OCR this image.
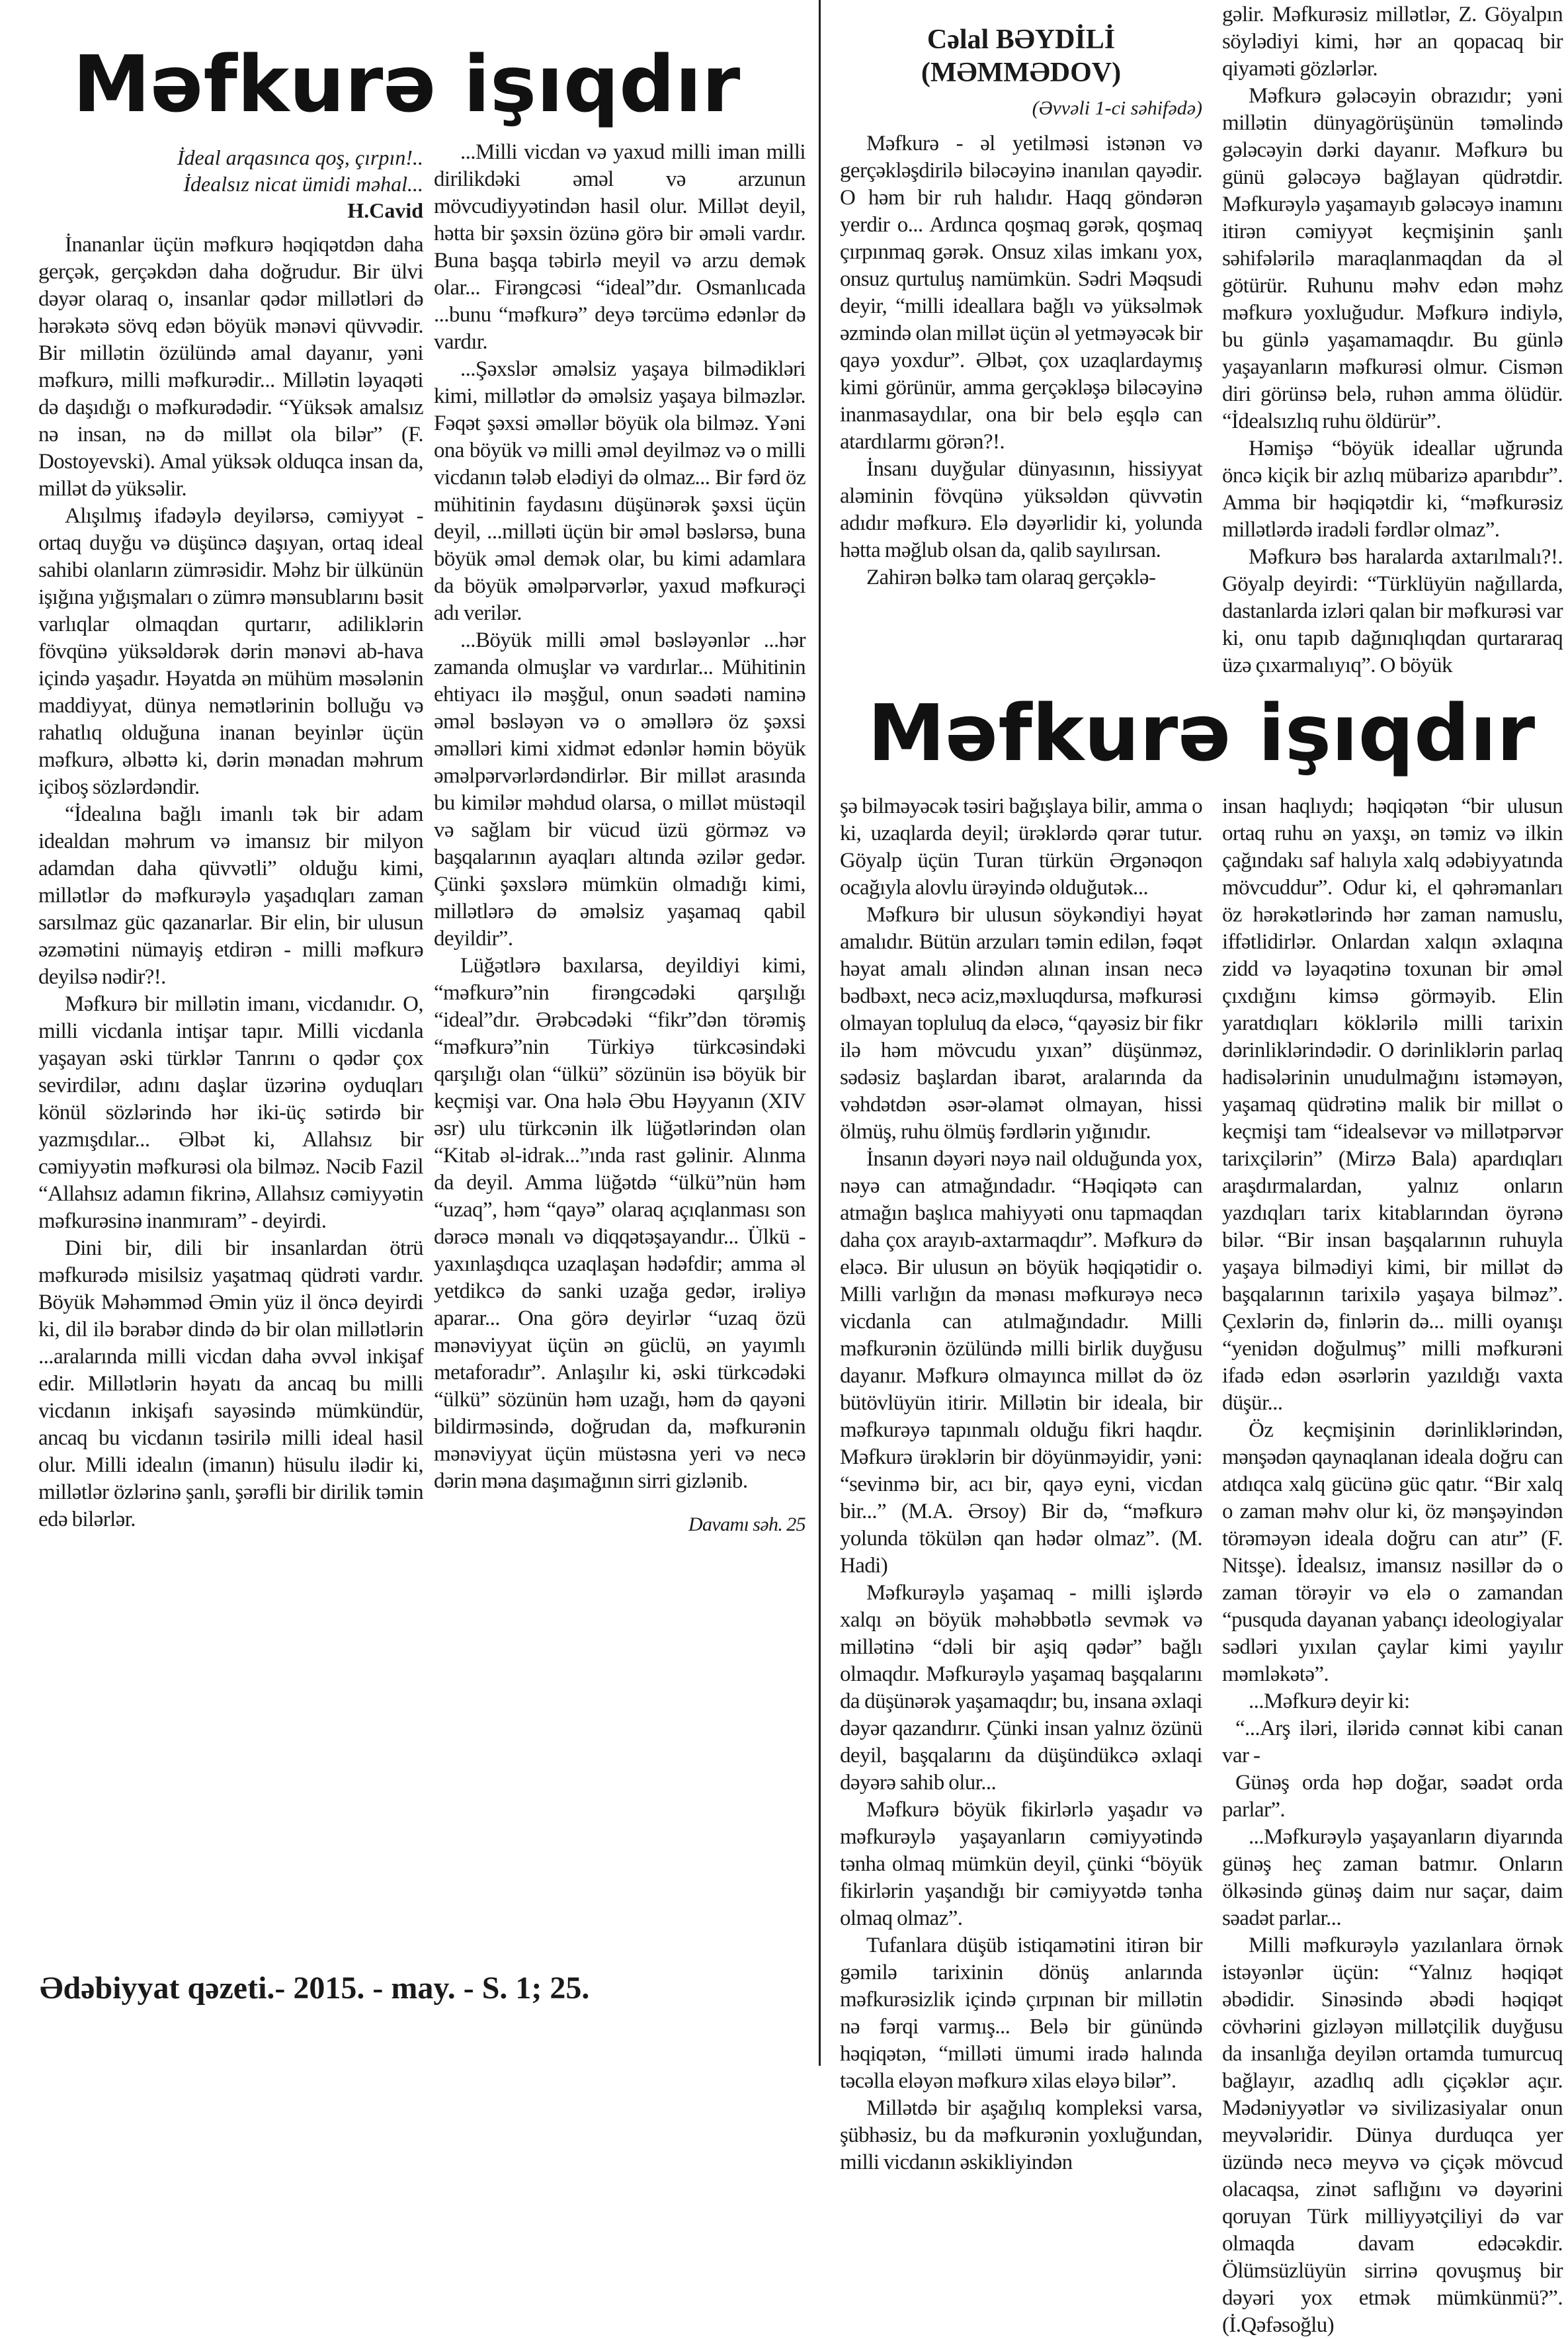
Məfkurə işıqdır
İdeal arqasınca qoş, çırpın!..
İdealsız nicat ümidi məhal...
H.Cavid

İnananlar üçün məfkurə həqiqətdən daha gerçək, gerçəkdən daha doğrudur. Bir ülvi dəyər olaraq o, insanlar qədər millətləri də hərəkətə sövq edən böyük mənəvi qüvvədir. Bir millətin özülündə amal dayanır, yəni məfkurə, milli məfkurədir... Millətin ləyaqəti də daşıdığı o məfkurədədir. “Yüksək amalsız nə insan, nə də millət ola bilər” (F. Dostoyevski). Amal yüksək olduqca insan da, millət də yüksəlir.

Alışılmış ifadəylə deyilərsə, cəmiyyət - ortaq duyğu və düşüncə daşıyan, ortaq ideal sahibi olanların zümrəsidir. Məhz bir ülkünün işığına yığışmaları o zümrə mənsublarını bəsit varlıqlar olmaqdan qurtarır, adiliklərin fövqünə yüksəldərək dərin mənəvi ab-hava içində yaşadır. Həyatda ən mühüm məsələnin maddiyyat, dünya nemətlərinin bolluğu və rahatlıq olduğuna inanan beyinlər üçün məfkurə, əlbəttə ki, dərin mənadan məhrum içiboş sözlərdəndir.

“İdealına bağlı imanlı tək bir adam idealdan məhrum və imansız bir milyon adamdan daha qüvvətli” olduğu kimi, millətlər də məfkurəylə yaşadıqları zaman sarsılmaz güc qazanarlar. Bir elin, bir ulusun əzəmətini nümayiş etdirən - milli məfkurə deyilsə nədir?!.

Məfkurə bir millətin imanı, vicdanıdır. O, milli vicdanla intişar tapır. Milli vicdanla yaşayan əski türklər Tanrını o qədər çox sevirdilər, adını daşlar üzərinə oyduqları könül sözlərində hər iki-üç sətirdə bir yazmışdılar... Əlbət ki, Allahsız bir cəmiyyətin məfkurəsi ola bilməz. Nəcib Fazil “Allahsız adamın fikrinə, Allahsız cəmiyyətin məfkurəsinə inanmıram” - deyirdi.

Dini bir, dili bir insanlardan ötrü məfkurədə misilsiz yaşatmaq qüdrəti vardır. Böyük Məhəmməd Əmin yüz il öncə deyirdi ki, dil ilə bərabər dində də bir olan millətlərin ...aralarında milli vicdan daha əvvəl inkişaf edir. Millətlərin həyatı da ancaq bu milli vicdanın inkişafı sayəsində mümkündür, ancaq bu vicdanın təsirilə milli ideal hasil olur. Milli idealın (imanın) hüsulu ilədir ki, millətlər özlərinə şanlı, şərəfli bir dirilik təmin edə bilərlər.

...Milli vicdan və yaxud milli iman milli dirilikdəki əməl və arzunun mövcudiyyətindən hasil olur. Millət deyil, hətta bir şəxsin özünə görə bir əməli vardır. Buna başqa təbirlə meyil və arzu demək olar... Firəngcəsi “ideal”dır. Osmanlıcada ...bunu “məfkurə” deyə tərcümə edənlər də vardır.

...Şəxslər əməlsiz yaşaya bilmədikləri kimi, millətlər də əməlsiz yaşaya bilməzlər. Fəqət şəxsi əməllər böyük ola bilməz. Yəni ona böyük və milli əməl deyilməz və o milli vicdanın tələb elədiyi də olmaz... Bir fərd öz mühitinin faydasını düşünərək şəxsi üçün deyil, ...milləti üçün bir əməl bəslərsə, buna böyük əməl demək olar, bu kimi adamlara da böyük əməlpərvərlər, yaxud məfkurəçi adı verilər.

...Böyük milli əməl bəsləyənlər ...hər zamanda olmuşlar və vardırlar... Mühitinin ehtiyacı ilə məşğul, onun səadəti naminə əməl bəsləyən və o əməllərə öz şəxsi əməlləri kimi xidmət edənlər həmin böyük əməlpərvərlərdəndirlər. Bir millət arasında bu kimilər məhdud olarsa, o millət müstəqil və sağlam bir vücud üzü görməz və başqalarının ayaqları altında əzilər gedər. Çünki şəxslərə mümkün olmadığı kimi, millətlərə də əməlsiz yaşamaq qabil deyildir”.

Lüğətlərə baxılarsa, deyildiyi kimi, “məfkurə”nin firəngcədəki qarşılığı “ideal”dır. Ərəbcədəki “fikr”dən törəmiş “məfkurə”nin Türkiyə türkcəsindəki qarşılığı olan “ülkü” sözünün isə böyük bir keçmişi var. Ona hələ Əbu Həyyanın (XIV əsr) ulu türkcənin ilk lüğətlərindən olan “Kitab əl-idrak...”ında rast gəlinir. Alınma da deyil. Amma lüğətdə “ülkü”nün həm “uzaq”, həm “qayə” olaraq açıqlanması son dərəcə mənalı və diqqətəşayandır... Ülkü - yaxınlaşdıqca uzaqlaşan hədəfdir; amma əl yetdikcə də sanki uzağa gedər, irəliyə aparar... Ona görə deyirlər “uzaq özü mənəviyyat üçün ən güclü, ən yayımlı metaforadır”. Anlaşılır ki, əski türkcədəki “ülkü” sözünün həm uzağı, həm də qayəni bildirməsində, doğrudan da, məfkurənin mənəviyyat üçün müstəsna yeri və necə dərin məna daşımağının sirri gizlənib.

Davamı səh. 25
Ədəbiyyat qəzeti.- 2015. - may. - S. 1; 25.
Cəlal BƏYDİLİ
(MƏMMƏDOV)
(Əvvəli 1-ci səhifədə)

Məfkurə - əl yetilməsi istənən və gerçəkləşdirilə biləcəyinə inanılan qayədir. O həm bir ruh halıdır. Haqq göndərən yerdir o... Ardınca qoşmaq gərək, qoşmaq çırpınmaq gərək. Onsuz xilas imkanı yox, onsuz qurtuluş namümkün. Sədri Məqsudi deyir, “milli ideallara bağlı və yüksəlmək əzmində olan millət üçün əl yetməyəcək bir qayə yoxdur”. Əlbət, çox uzaqlardaymış kimi görünür, amma gerçəkləşə biləcəyinə inanmasaydılar, ona bir belə eşqlə can atardılarmı görən?!.

İnsanı duyğular dünyasının, hissiyyat aləminin fövqünə yüksəldən qüvvətin adıdır məfkurə. Elə dəyərlidir ki, yolunda hətta məğlub olsan da, qalib sayılırsan.

Zahirən bəlkə tam olaraq gerçəklə-

gəlir. Məfkurəsiz millətlər, Z. Göyalpın söylədiyi kimi, hər an qopacaq bir qiyaməti gözlərlər.

Məfkurə gələcəyin obrazıdır; yəni millətin dünyagörüşünün təməlində gələcəyin dərki dayanır. Məfkurə bu günü gələcəyə bağlayan qüdrətdir. Məfkurəylə yaşamayıb gələcəyə inamını itirən cəmiyyət keçmişinin şanlı səhifələrilə maraqlanmaqdan da əl götürür. Ruhunu məhv edən məhz məfkurə yoxluğudur. Məfkurə indiylə, bu günlə yaşamamaqdır. Bu günlə yaşayanların məfkurəsi olmur. Cismən diri görünsə belə, ruhən amma ölüdür. “İdealsızlıq ruhu öldürür”.

Həmişə “böyük ideallar uğrunda öncə kiçik bir azlıq mübarizə aparıbdır”. Amma bir həqiqətdir ki, “məfkurəsiz millətlərdə iradəli fərdlər olmaz”.

Məfkurə bəs haralarda axtarılmalı?!. Göyalp deyirdi: “Türklüyün nağıllarda, dastanlarda izləri qalan bir məfkurəsi var ki, onu tapıb dağınıqlıqdan qurtararaq üzə çıxarmalıyıq”. O böyük

Məfkurə işıqdır

şə bilməyəcək təsiri bağışlaya bilir, amma o ki, uzaqlarda deyil; ürəklərdə qərar tutur. Göyalp üçün Turan türkün Ərgənəqon ocağıyla alovlu ürəyində olduğutək...

Məfkurə bir ulusun söykəndiyi həyat amalıdır. Bütün arzuları təmin edilən, fəqət həyat amalı əlindən alınan insan necə bədbəxt, necə aciz,məxluqdursa, məfkurəsi olmayan topluluq da eləcə, “qayəsiz bir fikr ilə həm mövcudu yıxan” düşünməz, sədəsiz başlardan ibarət, aralarında da vəhdətdən əsər-əlamət olmayan, hissi ölmüş, ruhu ölmüş fərdlərin yığınıdır.

İnsanın dəyəri nəyə nail olduğunda yox, nəyə can atmağındadır. “Həqiqətə can atmağın başlıca mahiyyəti onu tapmaqdan daha çox arayıb-axtarmaqdır”. Məfkurə də eləcə. Bir ulusun ən böyük həqiqətidir o. Milli varlığın da mənası məfkurəyə necə vicdanla can atılmağındadır. Milli məfkurənin özülündə milli birlik duyğusu dayanır. Məfkurə olmayınca millət də öz bütövlüyün itirir. Millətin bir ideala, bir məfkurəyə tapınmalı olduğu fikri haqdır. Məfkurə ürəklərin bir döyünməyidir, yəni: “sevinmə bir, acı bir, qayə eyni, vicdan bir...” (M.A. Ərsoy) Bir də, “məfkurə yolunda tökülən qan hədər olmaz”. (M. Hadi)

Məfkurəylə yaşamaq - milli işlərdə xalqı ən böyük məhəbbətlə sevmək və millətinə “dəli bir aşiq qədər” bağlı olmaqdır. Məfkurəylə yaşamaq başqalarını da düşünərək yaşamaqdır; bu, insana əxlaqi dəyər qazandırır. Çünki insan yalnız özünü deyil, başqalarını da düşündükcə əxlaqi dəyərə sahib olur...

Məfkurə böyük fikirlərlə yaşadır və məfkurəylə yaşayanların cəmiyyətində tənha olmaq mümkün deyil, çünki “böyük fikirlərin yaşandığı bir cəmiyyətdə tənha olmaq olmaz”.

Tufanlara düşüb istiqamətini itirən bir gəmilə tarixinin dönüş anlarında məfkurəsizlik içində çırpınan bir millətin nə fərqi varmış... Belə bir günündə həqiqətən, “milləti ümumi iradə halında təcəlla eləyən məfkurə xilas eləyə bilər”.

Millətdə bir aşağılıq kompleksi varsa, şübhəsiz, bu da məfkurənin yoxluğundan, milli vicdanın əskikliyindən

insan haqlıydı; həqiqətən “bir ulusun ortaq ruhu ən yaxşı, ən təmiz və ilkin çağındakı saf halıyla xalq ədəbiyyatında mövcuddur”. Odur ki, el qəhrəmanları öz hərəkətlərində hər zaman namuslu, iffətlidirlər. Onlardan xalqın əxlaqına zidd və ləyaqətinə toxunan bir əməl çıxdığını kimsə görməyib. Elin yaratdıqları köklərilə milli tarixin dərinliklərindədir. O dərinliklərin parlaq hadisələrinin unudulmağını istəməyən, yaşamaq qüdrətinə malik bir millət o keçmişi tam “idealsevər və millətpərvər tarixçilərin” (Mirzə Bala) apardıqları araşdırmalardan, yalnız onların yazdıqları tarix kitablarından öyrənə bilər. “Bir insan başqalarının ruhuyla yaşaya bilmədiyi kimi, bir millət də başqalarının tarixilə yaşaya bilməz”. Çexlərin də, finlərin də... milli oyanışı “yenidən doğulmuş” milli məfkurəni ifadə edən əsərlərin yazıldığı vaxta düşür...

Öz keçmişinin dərinliklərindən, mənşədən qaynaqlanan ideala doğru can atdıqca xalq gücünə güc qatır. “Bir xalq o zaman məhv olur ki, öz mənşəyindən törəməyən ideala doğru can atır” (F. Nitsşe). İdealsız, imansız nəsillər də o zaman törəyir və elə o zamandan “pusquda dayanan yabançı ideologiyalar sədləri yıxılan çaylar kimi yayılır məmləkətə”.

...Məfkurə deyir ki:

“...Arş iləri, iləridə cənnət kibi canan var -

Günəş orda həp doğar, səadət orda parlar”.

...Məfkurəylə yaşayanların diyarında günəş heç zaman batmır. Onların ölkəsində günəş daim nur saçar, daim səadət parlar...

Milli məfkurəylə yazılanlara örnək istəyənlər üçün: “Yalnız həqiqət əbədidir. Sinəsində əbədi həqiqət cövhərini gizləyən millətçilik duyğusu da insanlığa deyilən ortamda tumurcuq bağlayır, azadlıq adlı çiçəklər açır. Mədəniyyətlər və sivilizasiyalar onun meyvələridir. Dünya durduqca yer üzündə necə meyvə və çiçək mövcud olacaqsa, zinət saflığını və dəyərini qoruyan Türk milliyyətçiliyi də var olmaqda davam edəcəkdir. Ölümsüzlüyün sirrinə qovuşmuş bir dəyəri yox etmək mümkünmü?”. (İ.Qəfəsoğlu)
